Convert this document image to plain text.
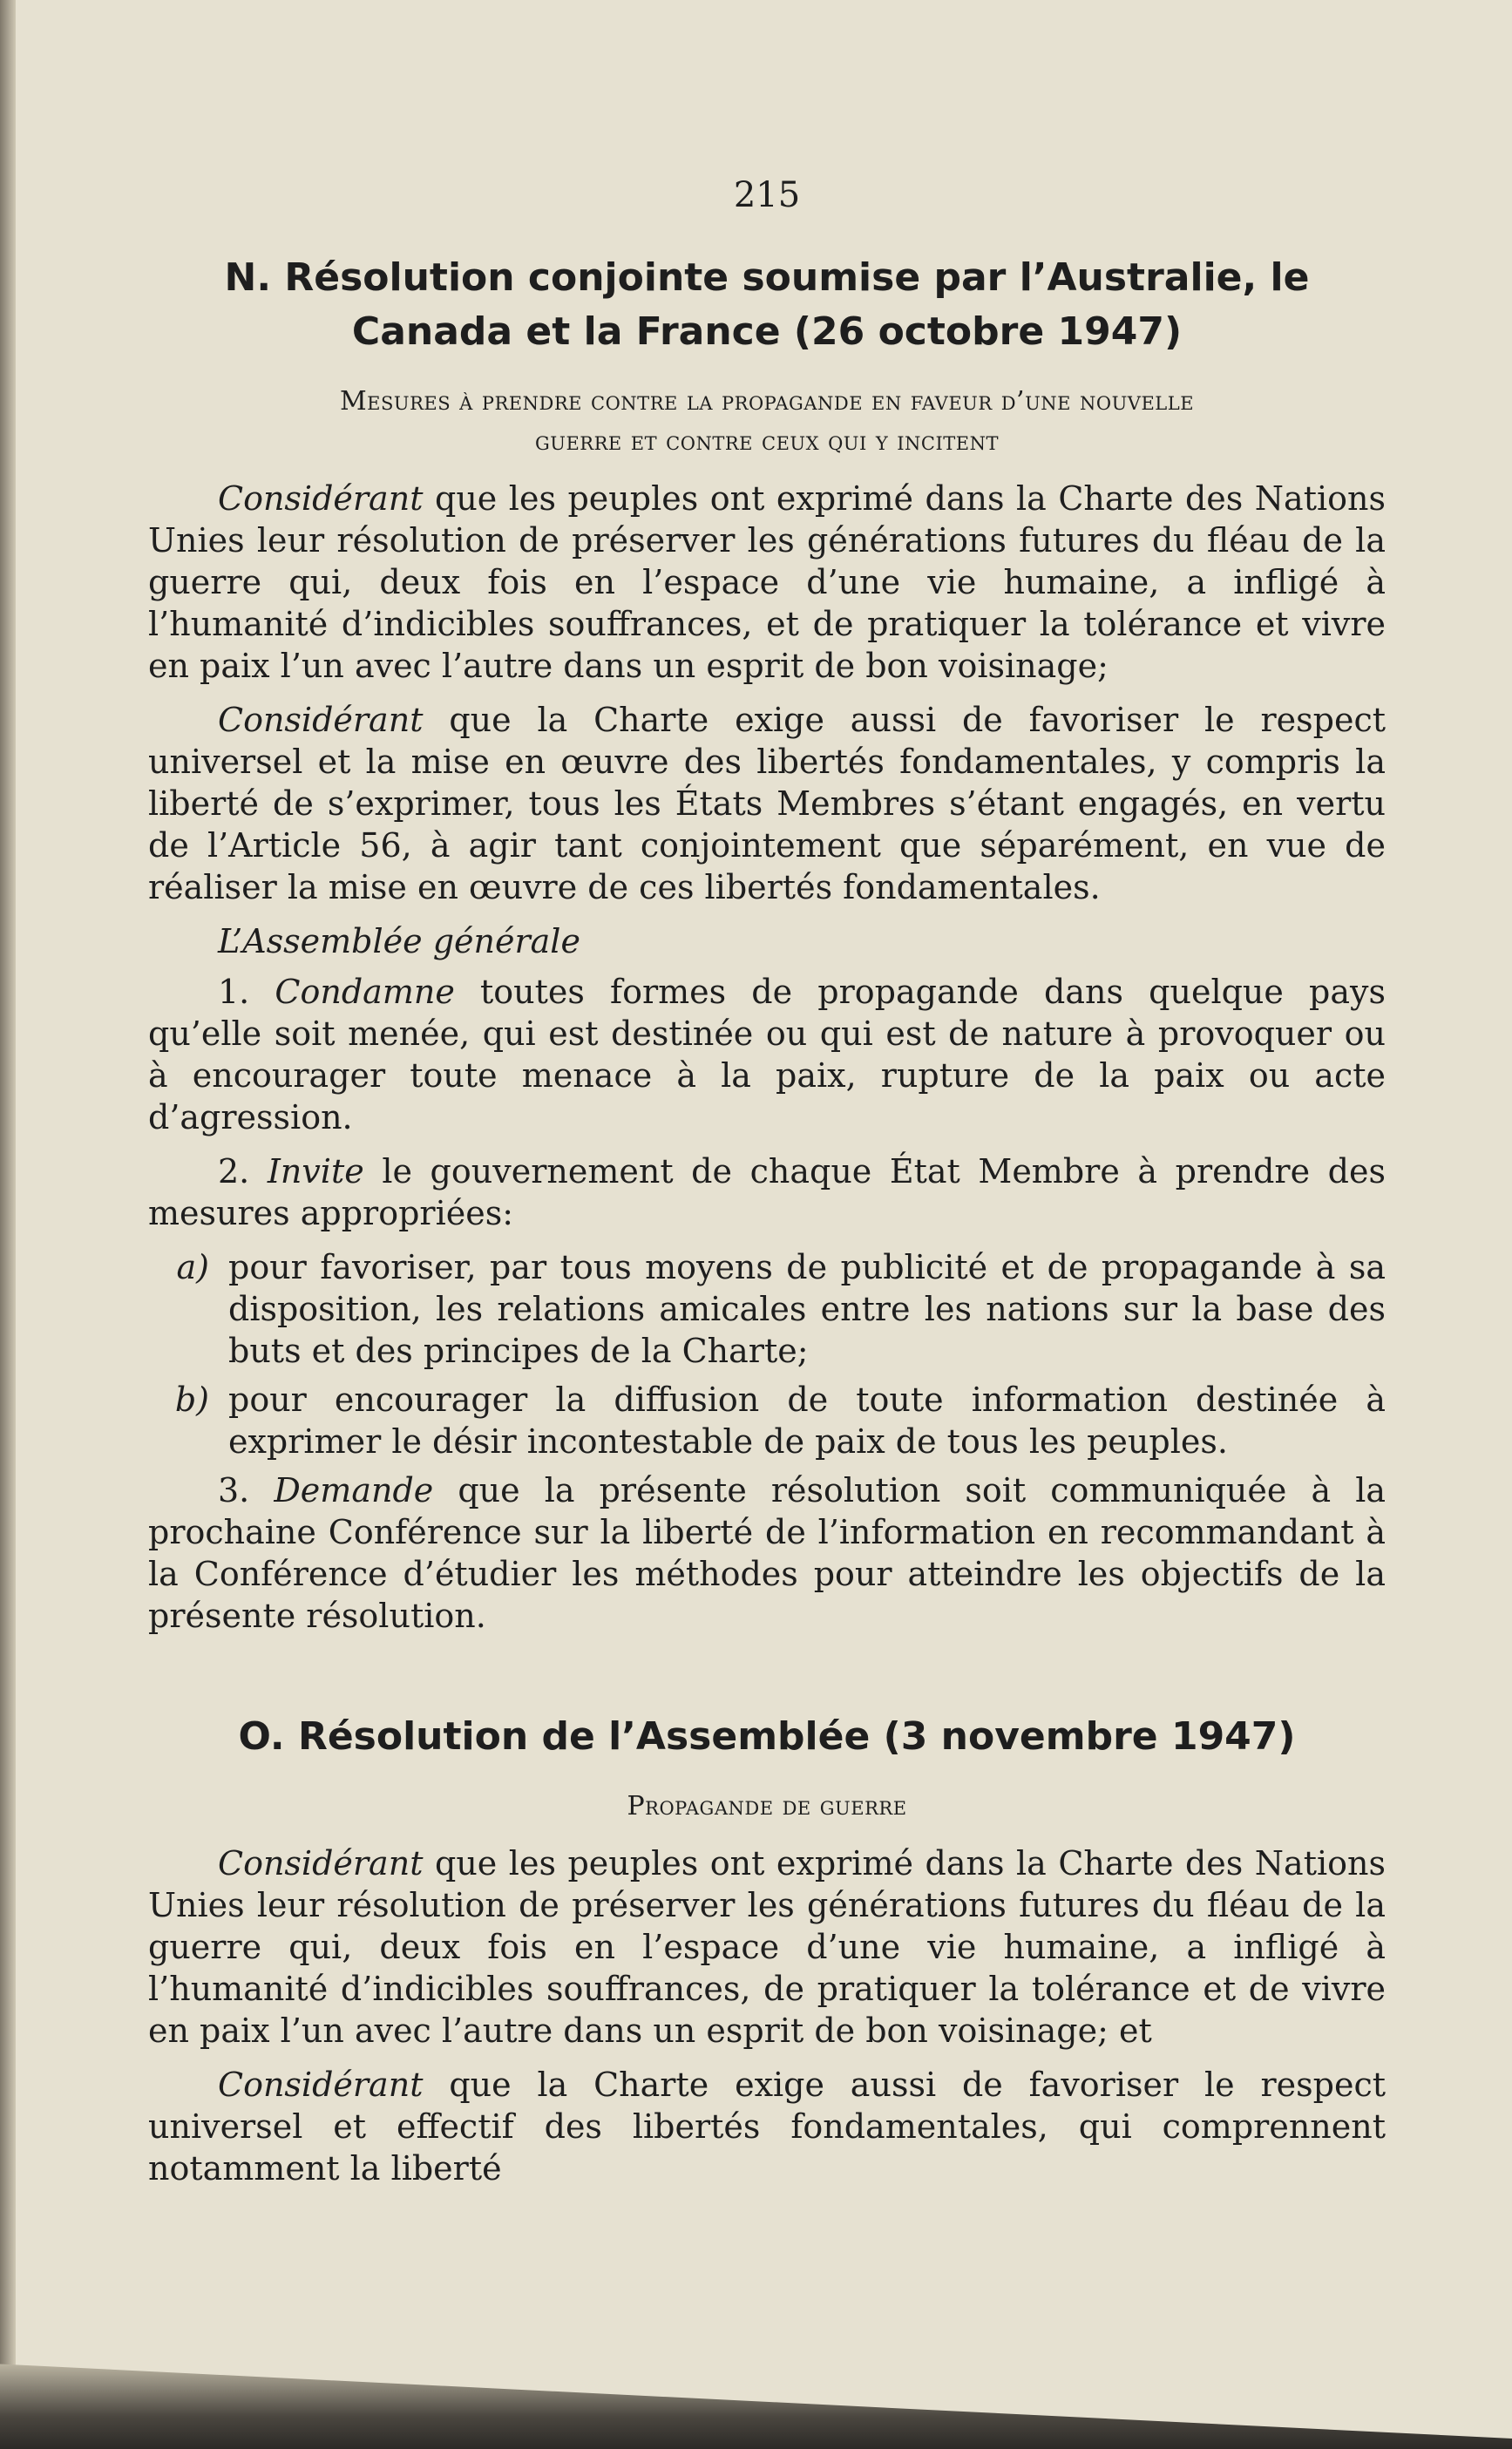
215
N. Résolution conjointe soumise par l’Australie, le Canada et la France (26 octobre 1947)
Mesures à prendre contre la propagande en faveur d’une nouvelle
guerre et contre ceux qui y incitent

Considérant que les peuples ont exprimé dans la Charte des Nations Unies leur résolution de préserver les générations futures du fléau de la guerre qui, deux fois en l’espace d’une vie humaine, a infligé à l’humanité d’indicibles souffrances, et de pratiquer la tolérance et vivre en paix l’un avec l’autre dans un esprit de bon voisinage;

Considérant que la Charte exige aussi de favoriser le respect universel et la mise en œuvre des libertés fondamentales, y compris la liberté de s’exprimer, tous les États Membres s’étant engagés, en vertu de l’Article 56, à agir tant conjointement que séparément, en vue de réaliser la mise en œuvre de ces libertés fondamentales.

L’Assemblée générale

1. Condamne toutes formes de propagande dans quelque pays qu’elle soit menée, qui est destinée ou qui est de nature à provoquer ou à encourager toute menace à la paix, rupture de la paix ou acte d’agression.

2. Invite le gouvernement de chaque État Membre à prendre des mesures appropriées:

a) pour favoriser, par tous moyens de publicité et de propagande à sa disposition, les relations amicales entre les nations sur la base des buts et des principes de la Charte;
b) pour encourager la diffusion de toute information destinée à exprimer le désir incontestable de paix de tous les peuples.

3. Demande que la présente résolution soit communiquée à la prochaine Conférence sur la liberté de l’information en recommandant à la Conférence d’étudier les méthodes pour atteindre les objectifs de la présente résolution.

O. Résolution de l’Assemblée (3 novembre 1947)
Propagande de guerre

Considérant que les peuples ont exprimé dans la Charte des Nations Unies leur résolution de préserver les générations futures du fléau de la guerre qui, deux fois en l’espace d’une vie humaine, a infligé à l’humanité d’indicibles souffrances, de pratiquer la tolérance et de vivre en paix l’un avec l’autre dans un esprit de bon voisinage; et

Considérant que la Charte exige aussi de favoriser le respect universel et effectif des libertés fondamentales, qui comprennent notamment la liberté
